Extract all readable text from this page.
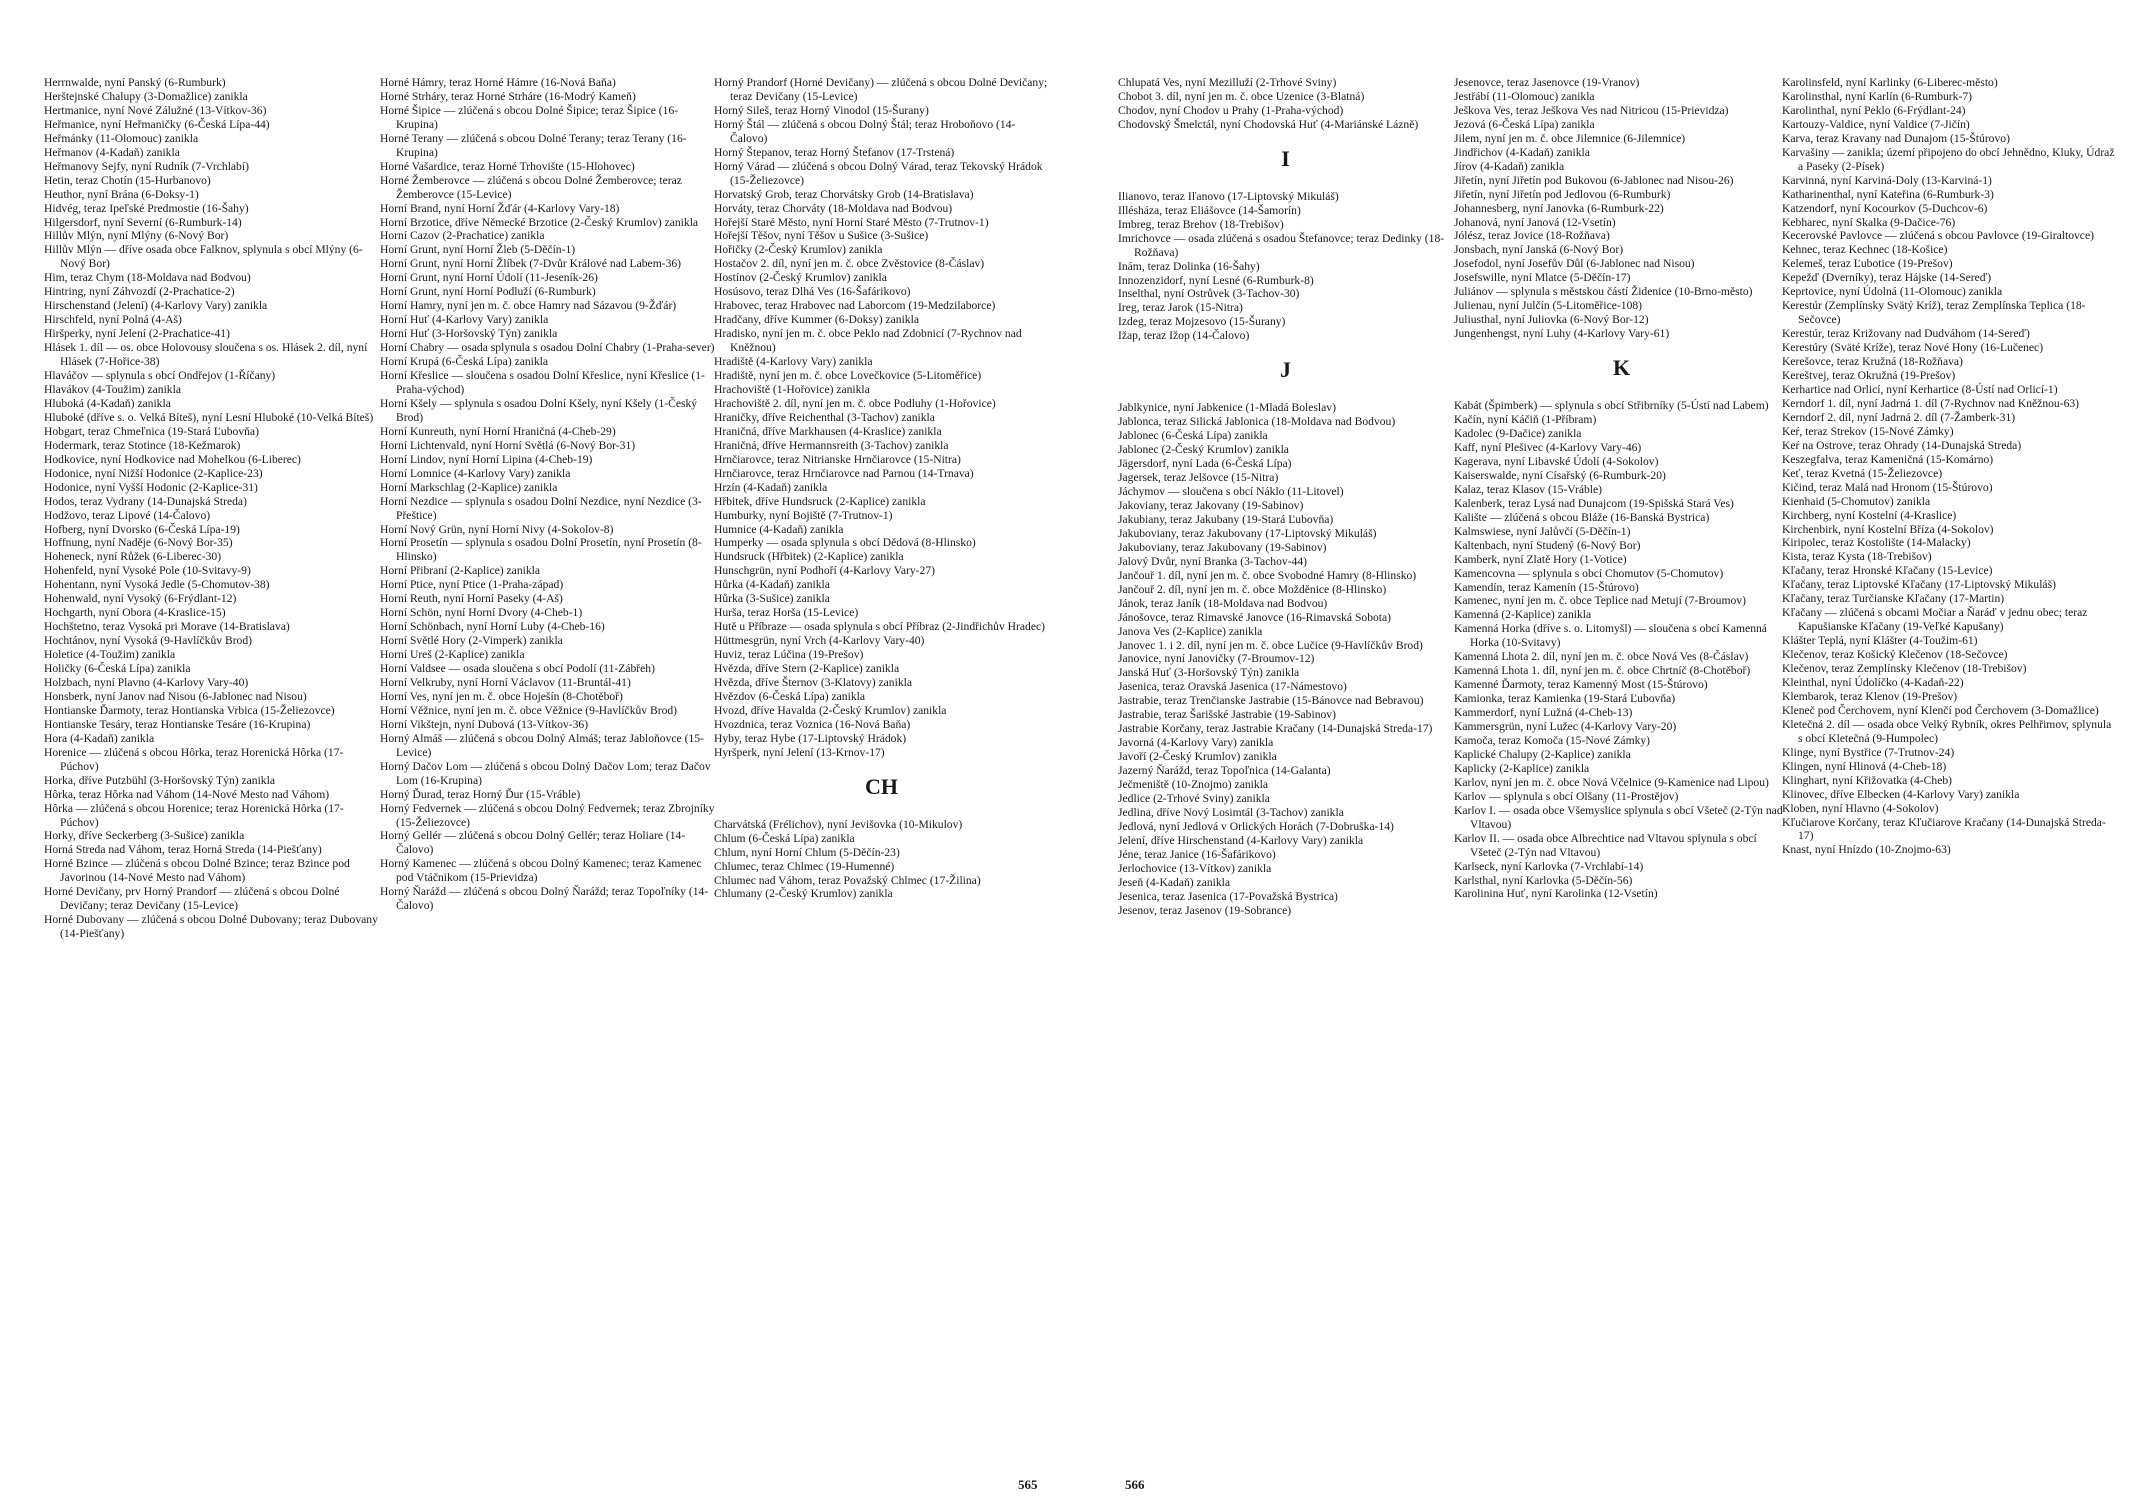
Herrnwalde, nyní Panský (6-Rumburk)
Herštejnské Chalupy (3-Domažlice) zanikla
Hertmanice, nyní Nové Zálužné (13-Vítkov-36)
Heřmanice, nyní Heřmaničky (6-Česká Lípa-44)
Heřmánky (11-Olomouc) zanikla
Heřmanov (4-Kadaň) zanikla
Heřmanovy Sejfy, nyní Rudník (7-Vrchlabí)
Hetin, teraz Chotín (15-Hurbanovo)
Heuthor, nyní Brána (6-Doksy-1)
Hidvég, teraz Ipeľské Predmostie (16-Šahy)
Hilgersdorf, nyní Severní (6-Rumburk-14)
Hillův Mlýn, nyní Mlýny (6-Nový Bor)
Hillův Mlýn — dříve osada obce Falknov, splynula s obcí Mlýny (6-Nový Bor)
Him, teraz Chym (18-Moldava nad Bodvou)
Hintring, nyní Záhvozdí (2-Prachatice-2)
Hirschenstand (Jelení) (4-Karlovy Vary) zanikla
Hirschfeld, nyní Polná (4-Aš)
Hiršperky, nyní Jelení (2-Prachatice-41)
Hlásek 1. díl — os. obce Holovousy sloučena s os. Hlásek 2. díl, nyní Hlásek (7-Hořice-38)
Hlaváčov — splynula s obcí Ondřejov (1-Říčany)
Hlavákov (4-Toužim) zanikla
Hluboká (4-Kadaň) zanikla
Hluboké (dříve s. o. Velká Bíteš), nyní Lesní Hluboké (10-Velká Bíteš)
Hobgart, teraz Chmeľnica (19-Stará Ľubovňa)
Hodermark, teraz Stotince (18-Kežmarok)
Hodkovice, nyní Hodkovice nad Mohelkou (6-Liberec)
Hodonice, nyní Nižší Hodonice (2-Kaplice-23)
Hodonice, nyní Vyšší Hodonic (2-Kaplice-31)
Hodos, teraz Vydrany (14-Dunajská Streda)
Hodžovo, teraz Lipové (14-Čalovo)
Hofberg, nyní Dvorsko (6-Česká Lípa-19)
Hoffnung, nyní Naděje (6-Nový Bor-35)
Hoheneck, nyní Růžek (6-Liberec-30)
Hohenfeld, nyní Vysoké Pole (10-Svitavy-9)
Hohentann, nyní Vysoká Jedle (5-Chomutov-38)
Hohenwald, nyní Vysoký (6-Frýdlant-12)
Hochgarth, nyní Obora (4-Kraslice-15)
Hochštetno, teraz Vysoká pri Morave (14-Bratislava)
Hochtánov, nyní Vysoká (9-Havlíčkův Brod)
Holetice (4-Toužim) zanikla
Holičky (6-Česká Lípa) zanikla
Holzbach, nyní Plavno (4-Karlovy Vary-40)
Honsberk, nyní Janov nad Nisou (6-Jablonec nad Nisou)
Hontianske Ďarmoty, teraz Hontianska Vrbica (15-Želiezovce)
Hontianske Tesáry, teraz Hontianske Tesáre (16-Krupina)
Hora (4-Kadaň) zanikla
Horenice — zlúčená s obcou Hôrka, teraz Horenická Hôrka (17-Púchov)
Horka, dříve Putzbühl (3-Horšovský Týn) zanikla
Hôrka, teraz Hôrka nad Váhom (14-Nové Mesto nad Váhom)
Hôrka — zlúčená s obcou Horenice; teraz Horenická Hôrka (17-Púchov)
Horky, dříve Seckerberg (3-Sušice) zanikla
Horná Streda nad Váhom, teraz Horná Streda (14-Piešťany)
Horné Bzince — zlúčená s obcou Dolné Bzince; teraz Bzince pod Javorinou (14-Nové Mesto nad Váhom)
Horné Devičany, prv Horný Prandorf — zlúčená s obcou Dolné Devičany; teraz Devičany (15-Levice)
Horné Dubovany — zlúčená s obcou Dolné Dubovany; teraz Dubovany (14-Piešťany)
Horné Hámry, teraz Horné Hámre (16-Nová Baňa)
Horné Strháry, teraz Horné Strháre (16-Modrý Kameň)
Horné Šipice — zlúčená s obcou Dolné Šipice; teraz Šipice (16-Krupina)
Horné Terany — zlúčená s obcou Dolné Terany; teraz Terany (16-Krupina)
Horné Vašardice, teraz Horné Trhovište (15-Hlohovec)
Horné Žemberovce — zlúčená s obcou Dolné Žemberovce; teraz Žemberovce (15-Levice)
Horní Brand, nyní Horní Žďár (4-Karlovy Vary-18)
Horní Brzotice, dříve Německé Brzotice (2-Český Krumlov) zanikla
Horní Cazov (2-Prachatice) zanikla
Horní Grunt, nyní Horní Žleb (5-Děčín-1)
Horní Grunt, nyní Horní Žlíbek (7-Dvůr Králové nad Labem-36)
Horní Grunt, nyní Horní Údolí (11-Jeseník-26)
Horní Grunt, nyní Horní Podluží (6-Rumburk)
Horní Hamry, nyní jen m. č. obce Hamry nad Sázavou (9-Žďár)
Horní Huť (4-Karlovy Vary) zanikla
Horní Huť (3-Horšovský Týn) zanikla
Horní Chabry — osada splynula s osadou Dolní Chabry (1-Praha-sever)
Horní Krupá (6-Česká Lípa) zanikla
Horní Křeslice — sloučena s osadou Dolní Křeslice, nyní Křeslice (1-Praha-východ)
Horní Kšely — splynula s osadou Dolní Kšely, nyní Kšely (1-Český Brod)
Horní Kunreuth, nyní Horní Hraničná (4-Cheb-29)
Horní Lichtenvald, nyní Horní Světlá (6-Nový Bor-31)
Horní Lindov, nyní Horní Lipina (4-Cheb-19)
Horní Lomnice (4-Karlovy Vary) zanikla
Horní Markschlag (2-Kaplice) zanikla
Horní Nezdice — splynula s osadou Dolní Nezdice, nyní Nezdice (3-Přeštice)
Horní Nový Grün, nyní Horní Nivy (4-Sokolov-8)
Horní Prosetín — splynula s osadou Dolní Prosetín, nyní Prosetín (8-Hlinsko)
Horní Přibraní (2-Kaplice) zanikla
Horní Ptice, nyní Ptice (1-Praha-západ)
Horní Reuth, nyní Horní Paseky (4-Aš)
Horní Schön, nyní Horní Dvory (4-Cheb-1)
Horní Schönbach, nyní Horní Luby (4-Cheb-16)
Horní Světlé Hory (2-Vimperk) zanikla
Horní Ureš (2-Kaplice) zanikla
Horní Valdsee — osada sloučena s obcí Podolí (11-Zábřeh)
Horní Velkruby, nyní Horní Václavov (11-Bruntál-41)
Horní Ves, nyní jen m. č. obce Hoješín (8-Chotěboř)
Horní Věžnice, nyní jen m. č. obce Věžnice (9-Havlíčkův Brod)
Horní Vikštejn, nyní Dubová (13-Vítkov-36)
Horný Almáš — zlúčená s obcou Dolný Almáš; teraz Jabloňovce (15-Levice)
Horný Dačov Lom — zlúčená s obcou Dolný Dačov Lom; teraz Dačov Lom (16-Krupina)
Horný Ďurad, teraz Horný Ďur (15-Vráble)
Horný Fedvernek — zlúčená s obcou Dolný Fedvernek; teraz Zbrojníky (15-Želiezovce)
Horný Gellér — zlúčená s obcou Dolný Gellér; teraz Holiare (14-Čalovo)
Horný Kamenec — zlúčená s obcou Dolný Kamenec; teraz Kamenec pod Vtáčnikom (15-Prievidza)
Horný Ňarážd — zlúčená s obcou Dolný Ňarážd; teraz Topoľníky (14-Čalovo)
Horný Prandorf (Horné Devičany) — zlúčená s obcou Dolné Devičany; teraz Devičany (15-Levice)
Horný Sileš, teraz Horný Vinodol (15-Šurany)
Horný Štál — zlúčená s obcou Dolný Štál; teraz Hroboňovo (14-Čalovo)
Horný Štepanov, teraz Horný Štefanov (17-Trstená)
Horný Várad — zlúčená s obcou Dolný Várad, teraz Tekovský Hrádok (15-Želiezovce)
Horvatský Grob, teraz Chorvátsky Grob (14-Bratislava)
Horváty, teraz Chorváty (18-Moldava nad Bodvou)
Hořejší Staré Město, nyní Horní Staré Město (7-Trutnov-1)
Hořejší Těšov, nyní Těšov u Sušice (3-Sušice)
Hořičky (2-Český Krumlov) zanikla
Hostačov 2. díl, nyní jen m. č. obce Zvěstovice (8-Čáslav)
Hostínov (2-Český Krumlov) zanikla
Hosúsovo, teraz Dlhá Ves (16-Šafárikovo)
Hrabovec, teraz Hrabovec nad Laborcom (19-Medzilaborce)
Hradčany, dříve Kummer (6-Doksy) zanikla
Hradisko, nyní jen m. č. obce Peklo nad Zdobnicí (7-Rychnov nad Kněžnou)
Hradiště (4-Karlovy Vary) zanikla
Hradiště, nyní jen m. č. obce Lovečkovice (5-Litoměřice)
Hrachoviště (1-Hořovice) zanikla
Hrachoviště 2. díl, nyní jen m. č. obce Podluhy (1-Hořovice)
Hraničky, dříve Reichenthal (3-Tachov) zanikla
Hraničná, dříve Markhausen (4-Kraslice) zanikla
Hraničná, dříve Hermannsreith (3-Tachov) zanikla
Hrnčiarovce, teraz Nitrianske Hrnčiarovce (15-Nitra)
Hrnčiarovce, teraz Hrnčiarovce nad Parnou (14-Trnava)
Hrzín (4-Kadaň) zanikla
Hřbitek, dříve Hundsruck (2-Kaplice) zanikla
Humburky, nyní Bojiště (7-Trutnov-1)
Humnice (4-Kadaň) zanikla
Humperky — osada splynula s obcí Dědová (8-Hlinsko)
Hundsruck (Hřbitek) (2-Kaplice) zanikla
Hunschgrün, nyní Podhoří (4-Karlovy Vary-27)
Hůrka (4-Kadaň) zanikla
Hůrka (3-Sušice) zanikla
Hurša, teraz Horša (15-Levice)
Hutě u Příbraze — osada splynula s obcí Příbraz (2-Jindřichův Hradec)
Hüttmesgrün, nyní Vrch (4-Karlovy Vary-40)
Huviz, teraz Lúčina (19-Prešov)
Hvězda, dříve Stern (2-Kaplice) zanikla
Hvězda, dříve Šternov (3-Klatovy) zanikla
Hvězdov (6-Česká Lípa) zanikla
Hvozd, dříve Havalda (2-Český Krumlov) zanikla
Hvozdnica, teraz Voznica (16-Nová Baňa)
Hyby, teraz Hybe (17-Liptovský Hrádok)
Hyršperk, nyní Jelení (13-Krnov-17)
CH
Charvátská (Frélichov), nyní Jevišovka (10-Mikulov)
Chlum (6-Česká Lípa) zanikla
Chlum, nyní Horní Chlum (5-Děčín-23)
Chlumec, teraz Chlmec (19-Humenné)
Chlumec nad Váhom, teraz Považský Chlmec (17-Žilina)
Chlumany (2-Český Krumlov) zanikla
565
Chlupatá Ves, nyní Mezilluží (2-Trhové Sviny)
Chobot 3. díl, nyní jen m. č. obce Uzenice (3-Blatná)
Chodov, nyní Chodov u Prahy (1-Praha-východ)
Chodovský Šmelctál, nyní Chodovská Huť (4-Mariánské Lázně)
I
Ilianovo, teraz Iľanovo (17-Liptovský Mikuláš)
Illésháza, teraz Eliášovce (14-Šamorín)
Imbreg, teraz Brehov (18-Trebišov)
Imrichovce — osada zlúčená s osadou Štefanovce; teraz Dedinky (18-Rožňava)
Inám, teraz Dolinka (16-Šahy)
Innozenzidorf, nyní Lesné (6-Rumburk-8)
Inselthal, nyní Ostrůvek (3-Tachov-30)
Ireg, teraz Jarok (15-Nitra)
Izdeg, teraz Mojzesovo (15-Šurany)
Ižap, teraz Ižop (14-Čalovo)
J
Jablkynice, nyní Jabkenice (1-Mladá Boleslav)
Jablonca, teraz Silická Jablonica (18-Moldava nad Bodvou)
Jablonec (6-Česká Lípa) zanikla
Jablonec (2-Český Krumlov) zanikla
Jägersdorf, nyní Lada (6-Česká Lípa)
Jagersek, teraz Jelšovce (15-Nitra)
Jáchymov — sloučena s obcí Náklo (11-Litovel)
Jakoviany, teraz Jakovany (19-Sabinov)
Jakubiany, teraz Jakubany (19-Stará Ľubovňa)
Jakuboviany, teraz Jakubovany (17-Liptovský Mikuláš)
Jakuboviany, teraz Jakubovany (19-Sabinov)
Jalový Dvůr, nyní Branka (3-Tachov-44)
Jančouř 1. díl, nyní jen m. č. obce Svobodné Hamry (8-Hlinsko)
Jančouř 2. díl, nyní jen m. č. obce Možděnice (8-Hlinsko)
Jánok, teraz Janík (18-Moldava nad Bodvou)
Jánošovce, teraz Rimavské Janovce (16-Rimavská Sobota)
Janova Ves (2-Kaplice) zanikla
Janovec 1. i 2. díl, nyní jen m. č. obce Lučice (9-Havlíčkův Brod)
Janovice, nyní Janovičky (7-Broumov-12)
Janská Huť (3-Horšovský Týn) zanikla
Jasenica, teraz Oravská Jasenica (17-Námestovo)
Jastrabie, teraz Trenčianske Jastrabie (15-Bánovce nad Bebravou)
Jastrabie, teraz Šarišské Jastrabie (19-Sabinov)
Jastrabie Korčany, teraz Jastrabie Kračany (14-Dunajská Streda-17)
Javorná (4-Karlovy Vary) zanikla
Javoří (2-Český Krumlov) zanikla
Jazerný Ňarážd, teraz Topoľnica (14-Galanta)
Ječmeniště (10-Znojmo) zanikla
Jedlice (2-Trhové Sviny) zanikla
Jedlina, dříve Nový Losimtál (3-Tachov) zanikla
Jedlová, nyní Jedlová v Orlických Horách (7-Dobruška-14)
Jelení, dříve Hirschenstand (4-Karlovy Vary) zanikla
Jéne, teraz Janice (16-Šafárikovo)
Jerlochovice (13-Vítkov) zanikla
Jeseň (4-Kadaň) zanikla
Jesenica, teraz Jasenica (17-Považská Bystrica)
Jesenov, teraz Jasenov (19-Sobrance)
Jesenovce, teraz Jasenovce (19-Vranov)
Jestřábí (11-Olomouc) zanikla
Ješkova Ves, teraz Ješkova Ves nad Nitricou (15-Prievidza)
Jezová (6-Česká Lípa) zanikla
Jilem, nyní jen m. č. obce Jilemnice (6-Jilemnice)
Jindřichov (4-Kadaň) zanikla
Jírov (4-Kadaň) zanikla
Jiřetín, nyní Jiřetín pod Bukovou (6-Jablonec nad Nisou-26)
Jiřetín, nyní Jiřetín pod Jedlovou (6-Rumburk)
Johannesberg, nyní Janovka (6-Rumburk-22)
Johanová, nyní Janová (12-Vsetín)
Jólész, teraz Jovice (18-Rožňava)
Jonsbach, nyní Janská (6-Nový Bor)
Josefodol, nyní Josefův Důl (6-Jablonec nad Nisou)
Josefswille, nyní Mlatce (5-Děčín-17)
Juliánov — splynula s městskou částí Židenice (10-Brno-město)
Julienau, nyní Julčín (5-Litoměřice-108)
Juliusthal, nyní Juliovka (6-Nový Bor-12)
Jungenhengst, nyní Luhy (4-Karlovy Vary-61)
K
Kabát (Špimberk) — splynula s obcí Střibrníky (5-Ústí nad Labem)
Kačín, nyní Káčiň (1-Příbram)
Kadolec (9-Dačice) zanikla
Kaff, nyní Plešivec (4-Karlovy Vary-46)
Kageravа, nyní Libavské Údolí (4-Sokolov)
Kaiserswalde, nyní Císařský (6-Rumburk-20)
Kalaz, teraz Klasov (15-Vráble)
Kalenberk, teraz Lysá nad Dunajcom (19-Spišská Stará Ves)
Kalište — zlúčená s obcou Bláže (16-Banská Bystrica)
Kalmswiese, nyní Jalůvčí (5-Děčín-1)
Kaltenbach, nyní Studený (6-Nový Bor)
Kamberk, nyní Zlatě Hory (1-Votice)
Kamencovna — splynula s obcí Chomutov (5-Chomutov)
Kamendín, teraz Kamenín (15-Štúrovo)
Kamenec, nyní jen m. č. obce Teplice nad Metují (7-Broumov)
Kamenná (2-Kaplice) zanikla
Kamenná Horka (dříve s. o. Litomyšl) — sloučena s obcí Kamenná Horka (10-Svitavy)
Kamenná Lhota 2. díl, nyní jen m. č. obce Nová Ves (8-Čáslav)
Kamenná Lhota 1. díl, nyní jen m. č. obce Chrtníč (8-Chotěboř)
Kamenné Ďarmoty, teraz Kamenný Most (15-Štúrovo)
Kamionka, teraz Kamienka (19-Stará Ľubovňa)
Kammerdorf, nyní Lužná (4-Cheb-13)
Kammersgrün, nyní Lužec (4-Karlovy Vary-20)
Kamoča, teraz Komoča (15-Nové Zámky)
Kaplické Chalupy (2-Kaplice) zanikla
Kaplicky (2-Kaplice) zanikla
Karlov, nyní jen m. č. obce Nová Včelnice (9-Kamenice nad Lipou)
Karlov — splynula s obcí Olšany (11-Prostějov)
Karlov I. — osada obce Všemyslice splynula s obcí Všeteč (2-Týn nad Vltavou)
Karlov II. — osada obce Albrechtice nad Vltavou splynula s obcí Všeteč (2-Týn nad Vltavou)
Karlseck, nyní Karlovka (7-Vrchlabí-14)
Karlsthal, nyní Karlovka (5-Děčín-56)
Karolinina Huť, nyní Karolinka (12-Vsetín)
Karolinsfeld, nyní Karlinky (6-Liberec-město)
Karolinsthal, nyní Karlín (6-Rumburk-7)
Karolinthal, nyní Peklo (6-Frýdlant-24)
Kartouzy-Valdice, nyní Valdice (7-Jičín)
Karva, teraz Kravany nad Dunajom (15-Štúrovo)
Karvašiny — zanikla; území připojeno do obcí Jehnědno, Kluky, Údraž a Paseky (2-Písek)
Karvinná, nyní Karviná-Doly (13-Karviná-1)
Katharinenthal, nyní Kateřina (6-Rumburk-3)
Katzendorf, nyní Kocourkov (5-Duchcov-6)
Kebharec, nyní Skalka (9-Dačice-76)
Kecerovské Pavlovce — zlúčená s obcou Pavlovce (19-Giraltovce)
Kehnec, teraz Kechnec (18-Košice)
Kelemeš, teraz Ľubotice (19-Prešov)
Kepežď (Dverníky), teraz Hájske (14-Sereď)
Keprtovice, nyní Údolná (11-Olomouc) zanikla
Kerestúr (Zemplínsky Svätý Kríž), teraz Zemplínska Teplica (18-Sečovce)
Kerestúr, teraz Križovany nad Dudváhom (14-Sereď)
Kerestúry (Sväté Kríže), teraz Nové Hony (16-Lučenec)
Kerešovce, teraz Kružná (18-Rožňava)
Kereštvej, teraz Okružná (19-Prešov)
Kerhartice nad Orlicí, nyní Kerhartice (8-Ústí nad Orlicí-1)
Kerndorf 1. díl, nyní Jadrná 1. díl (7-Rychnov nad Kněžnou-63)
Kerndorf 2. díl, nyní Jadrná 2. díl (7-Žamberk-31)
Keŕ, teraz Strekov (15-Nové Zámky)
Keŕ na Ostrove, teraz Ohrady (14-Dunajská Streda)
Keszegfalva, teraz Kameničná (15-Komárno)
Keť, teraz Kvetná (15-Želiezovce)
Kičind, teraz Malá nad Hronom (15-Štúrovo)
Kienhaid (5-Chomutov) zanikla
Kirchberg, nyní Kostelní (4-Kraslice)
Kirchenbirk, nyní Kostelní Bříza (4-Sokolov)
Kiripolec, teraz Kostolište (14-Malacky)
Kista, teraz Kysta (18-Trebišov)
Kľačany, teraz Hronské Kľačany (15-Levice)
Kľačany, teraz Liptovské Kľačany (17-Liptovský Mikuláš)
Kľačany, teraz Turčianske Kľačany (17-Martin)
Kľačany — zlúčená s obcami Močiar a Ňaráď v jednu obec; teraz Kapušianske Kľačany (19-Veľké Kapušany)
Klášter Teplá, nyní Klášter (4-Toužim-61)
Klečenov, teraz Košický Klečenov (18-Sečovce)
Klečenov, teraz Zemplínsky Klečenov (18-Trebišov)
Kleinthal, nyní Údolíčko (4-Kadaň-22)
Klembarok, teraz Klenov (19-Prešov)
Kleneč pod Čerchovem, nyní Klenčí pod Čerchovem (3-Domažlice)
Kletečná 2. díl — osada obce Velký Rybník, okres Pelhřimov, splynula s obcí Kletečná (9-Humpolec)
Klinge, nyní Bystřice (7-Trutnov-24)
Klingen, nyní Hlinová (4-Cheb-18)
Klinghart, nyní Křižovatka (4-Cheb)
Klinovec, dříve Elbecken (4-Karlovy Vary) zanikla
Kloben, nyní Hlavno (4-Sokolov)
Kľučiarove Korčany, teraz Kľučiarove Kračany (14-Dunajská Streda-17)
Knast, nyní Hnízdo (10-Znojmo-63)
566
